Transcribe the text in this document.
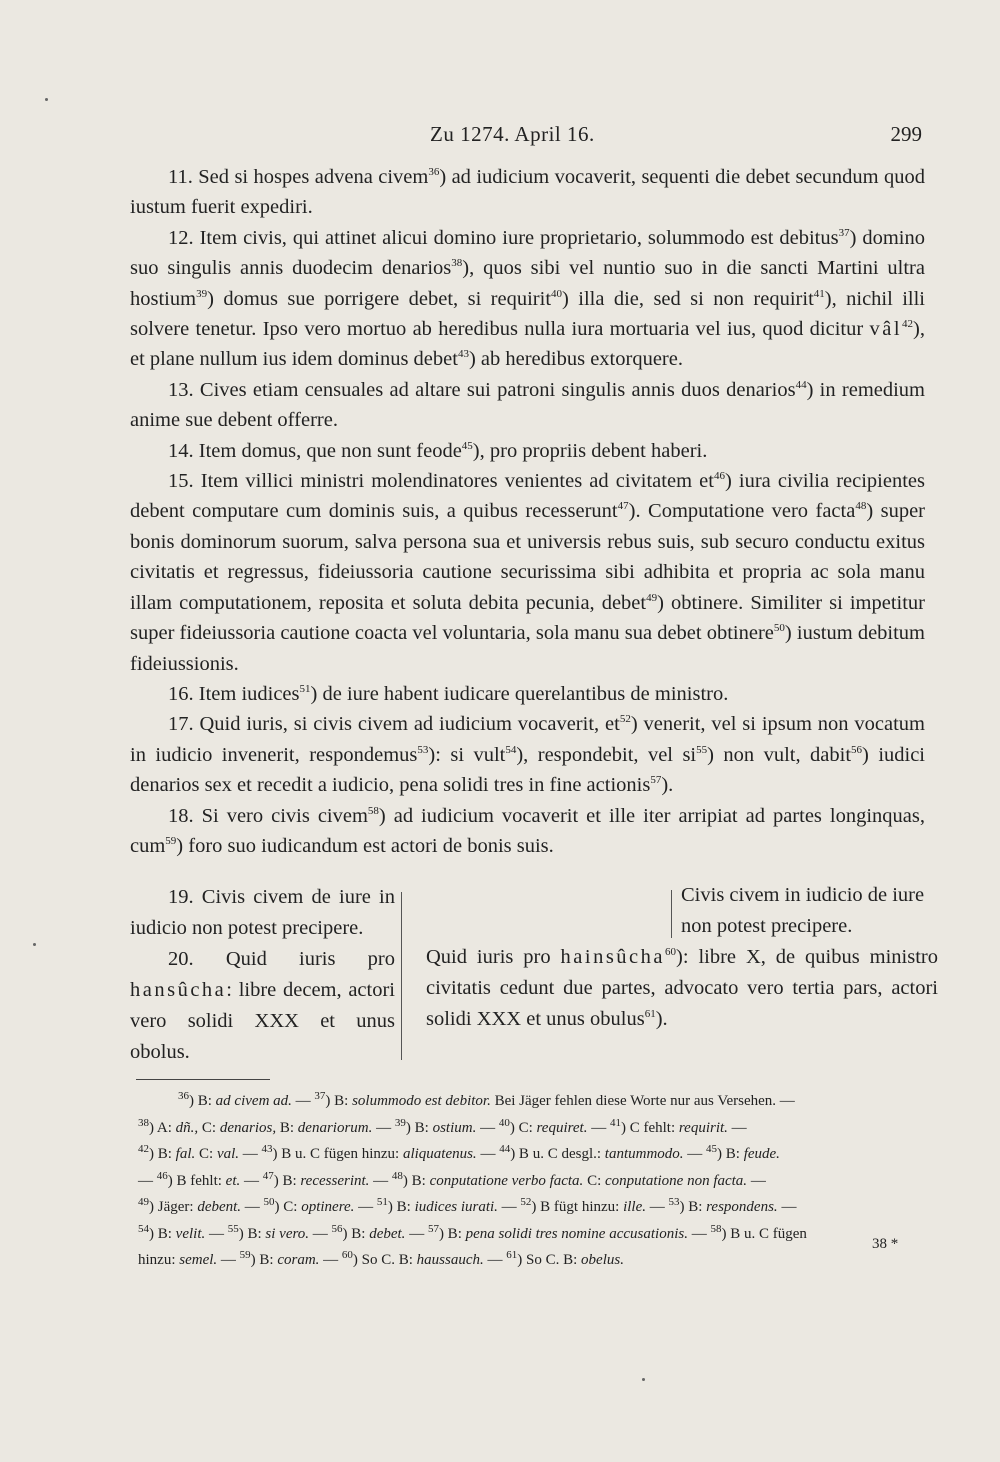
Zu 1274. April 16.	299

11. Sed si hospes advena civem$^{36}$) ad iudicium vocaverit, sequenti die debet secundum quod iustum fuerit expediri.

12. Item civis, qui attinet alicui domino iure proprietario, solummodo est debitus$^{37}$) domino suo singulis annis duodecim denarios$^{38}$), quos sibi vel nuntio suo in die sancti Martini ultra hostium$^{39}$) domus sue porrigere debet, si requirit$^{40}$) illa die, sed si non requirit$^{41}$), nichil illi solvere tenetur. Ipso vero mortuo ab heredibus nulla iura mortuaria vel ius, quod dicitur vâl$^{42}$), et plane nullum ius idem dominus debet$^{43}$) ab heredibus extorquere.

13. Cives etiam censuales ad altare sui patroni singulis annis duos denarios$^{44}$) in remedium anime sue debent offerre.

14. Item domus, que non sunt feode$^{45}$), pro propriis debent haberi.

15. Item villici ministri molendinatores venientes ad civitatem $et^{46}$) iura civilia recipientes debent computare cum dominis suis, a quibus recesserunt$^{47}$). Computatione vero facta$^{48}$) super bonis dominorum suorum, salva persona sua et universis rebus suis, sub securo conductu exitus civitatis et regressus, fideiussoria cautione securissima sibi adhibita et propria ac sola manu illam computationem, reposita et soluta debita pecunia, debet$^{49}$) obtinere. Similiter si impetitur super fideiussoria cautione coacta vel voluntaria, sola manu sua debet obtinere$^{50}$) iustum debitum fideiussionis.

16. Item iudices$^{51}$) de iure habent iudicare querelantibus de ministro.

17. Quid iuris, si civis civem ad iudicium vocaverit, $et^{52}$) venerit, vel si ipsum non vocatum in iudicio invenerit, respondemus$^{53}$): si vult$^{54}$), respondebit, vel $si^{55}$) non vult, dabit$^{56}$) iudici denarios sex et recedit a iudicio, pena solidi tres in fine actionis$^{57}$).

18. Si vero civis civem$^{58}$) ad iudicium vocaverit et ille iter arripiat ad partes longinquas, cum$^{59}$) foro suo iudicandum est actori de bonis suis.

19. Civis civem de iure in iudicio non potest precipere.

20. Quid iuris pro hansûcha: libre decem, actori vero solidi XXX et unus obolus.

Civis civem in iudicio de iure non potest precipere.

Quid iuris pro hainsûcha$^{60}$): libre X, de quibus ministro civitatis cedunt due partes, advocato vero tertia pars, actori solidi XXX et unus obulus$^{61}$).

$^{36}$) B: ad civem ad. — $^{37}$) B: solummodo est debitor. Bei Jäger fehlen diese Worte nur aus Versehen. —

$^{38}$) A: dñ., C: denarios, B: denariorum. — $^{39}$) B: ostium. — $^{40}$) C: requiret. — $^{41}$) C fehlt: requirit. —

$^{42}$) B: fal. C: val. — $^{43}$) B u. C fügen hinzu: aliquatenus. — $^{44}$) B u. C desgl.: tantummodo. — $^{45}$) B: feude.

— $^{46}$) B fehlt: et. — $^{47}$) B: recesserint. — $^{48}$) B: conputatione verbo facta. C: conputatione non facta. —

$^{49}$) Jäger: debent. — $^{50}$) C: optinere. — $^{51}$) B: iudices iurati. — $^{52}$) B fügt hinzu: ille. — $^{53}$) B: respondens. —

$^{54}$) B: velit. — $^{55}$) B: si vero. — $^{56}$) B: debet. — $^{57}$) B: pena solidi tres nomine accusationis. — $^{58}$) B u. C fügen

hinzu: semel. — $^{59}$) B: coram. — $^{60}$) So C. B: haussauch. — $^{61}$) So C. B: obelus.

38 *
